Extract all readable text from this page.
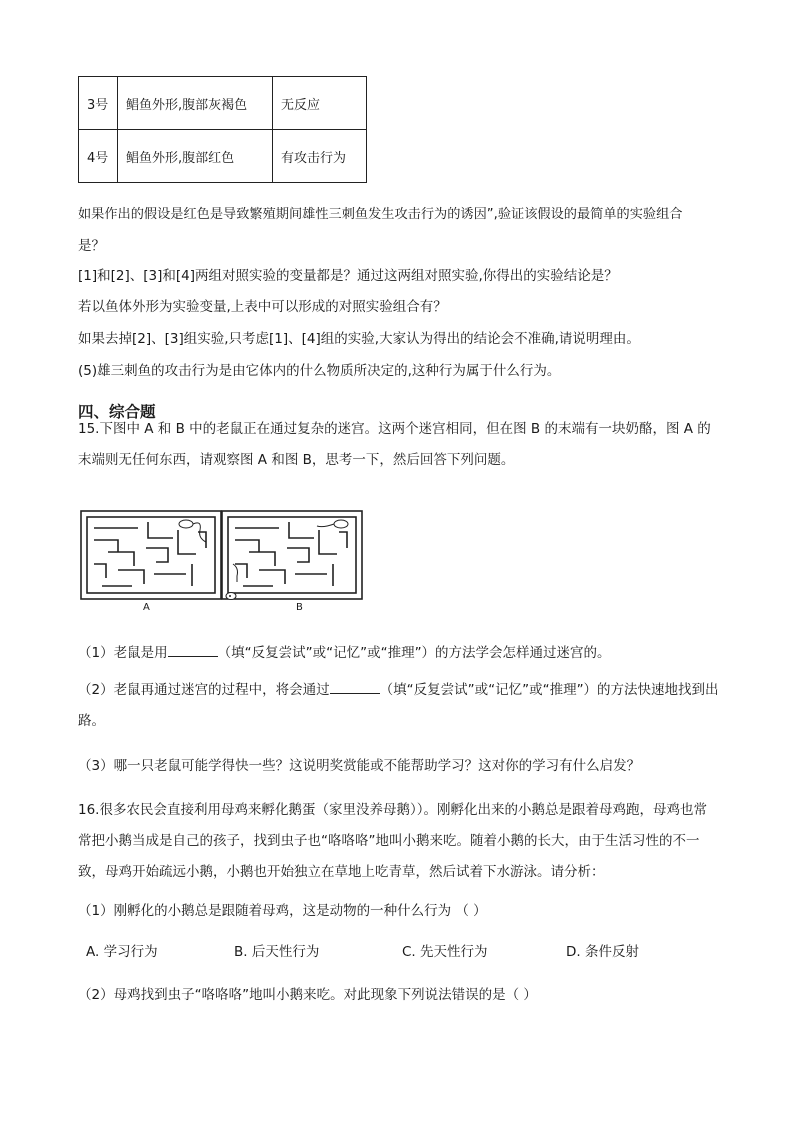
3号	鲳鱼外形,腹部灰褐色	无反应
4号	鲳鱼外形,腹部红色	有攻击行为
如果作出的假设是红色是导致繁殖期间雄性三刺鱼发生攻击行为的诱因”,验证该假设的最简单的实验组合
是？
[1]和[2]、[3]和[4]两组对照实验的变量都是？通过这两组对照实验,你得出的实验结论是？
若以鱼体外形为实验变量,上表中可以形成的对照实验组合有？
如果去掉[2]、[3]组实验,只考虑[1]、[4]组的实验,大家认为得出的结论会不准确,请说明理由。
(5)雄三刺鱼的攻击行为是由它体内的什么物质所决定的,这种行为属于什么行为。
四、综合题
15.下图中 A 和 B 中的老鼠正在通过复杂的迷宫。这两个迷宫相同，但在图 B 的末端有一块奶酪，图 A 的末端则无任何东西，请观察图 A 和图 B，思考一下，然后回答下列问题。
A	B
（1）老鼠是用	（填“反复尝试”或“记忆”或“推理”）的方法学会怎样通过迷宫的。
（2）老鼠再通过迷宫的过程中，将会通过	（填“反复尝试”或“记忆”或“推理”）的方法快速地找到出路。
（3）哪一只老鼠可能学得快一些？这说明奖赏能或不能帮助学习？这对你的学习有什么启发？
16.很多农民会直接利用母鸡来孵化鹅蛋（家里没养母鹅））。刚孵化出来的小鹅总是跟着母鸡跑，母鸡也常常把小鹅当成是自己的孩子，找到虫子也“咯咯咯”地叫小鹅来吃。随着小鹅的长大，由于生活习性的不一致，母鸡开始疏远小鹅，小鹅也开始独立在草地上吃青草，然后试着下水游泳。请分析：
（1）刚孵化的小鹅总是跟随着母鸡，这是动物的一种什么行为 （ ）
A. 学习行为	B. 后天性行为	C. 先天性行为	D. 条件反射
（2）母鸡找到虫子“咯咯咯”地叫小鹅来吃。对此现象下列说法错误的是（ ）
